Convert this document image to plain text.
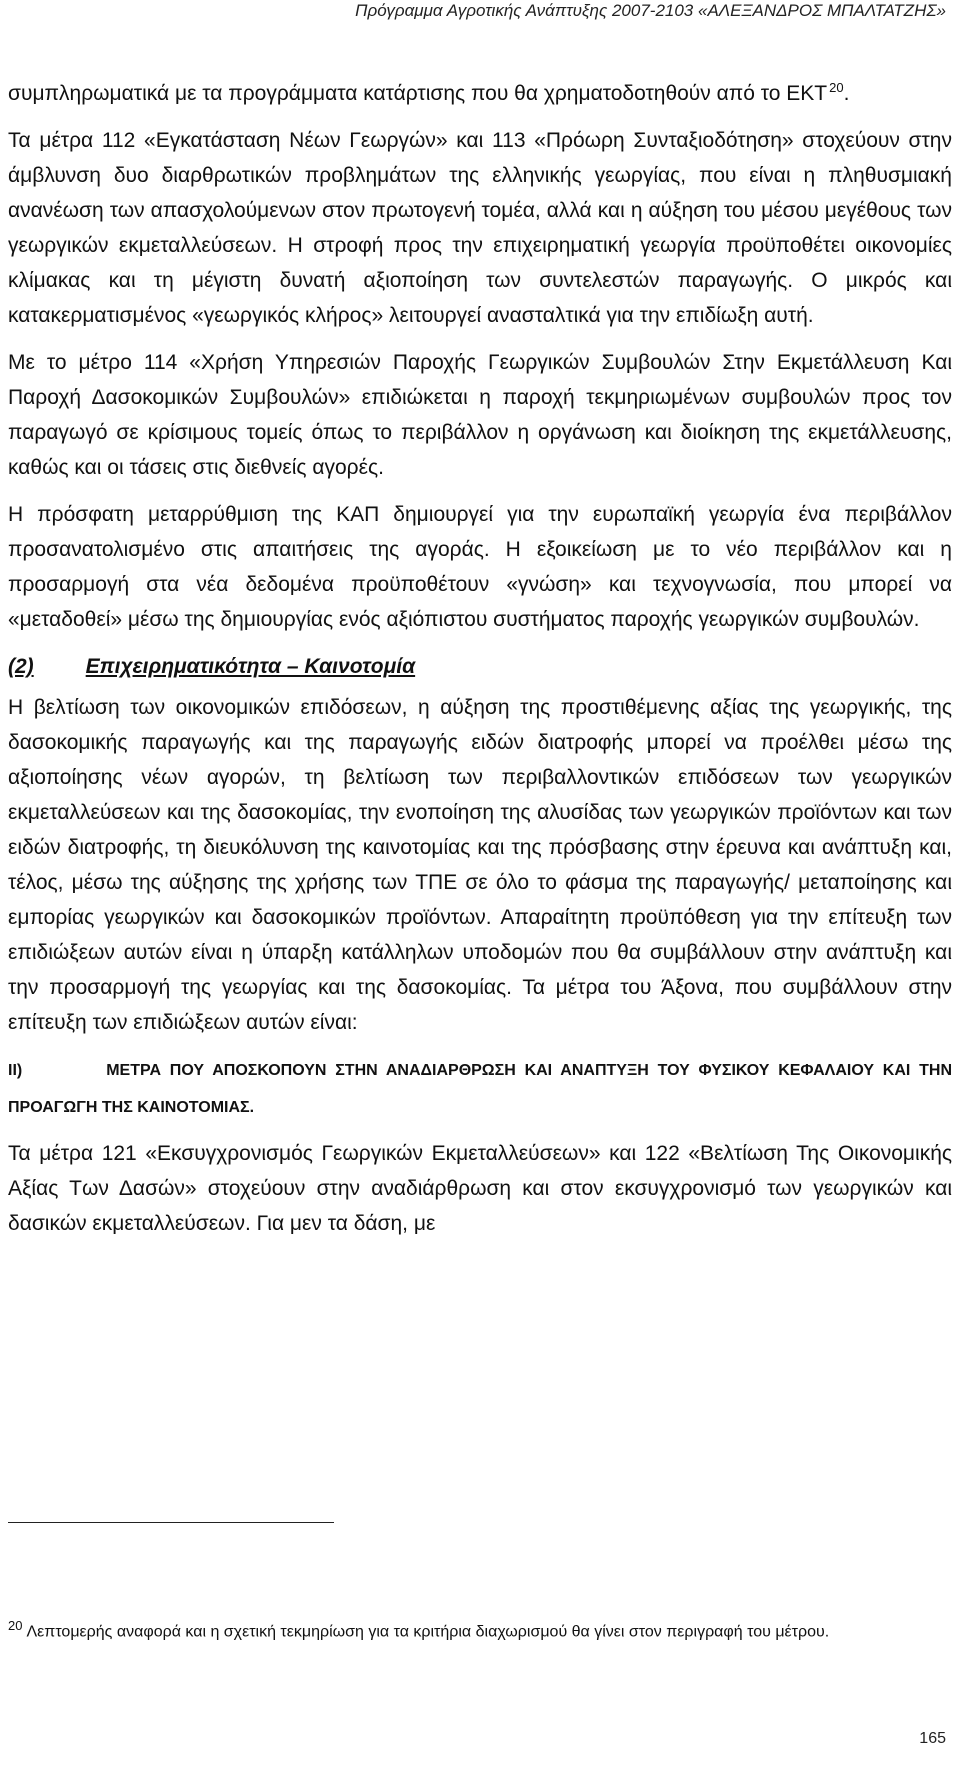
Πρόγραμμα Αγροτικής Ανάπτυξης 2007-2103 «ΑΛΕΞΑΝΔΡΟΣ ΜΠΑΛΤΑΤΖΗΣ»

συμπληρωματικά με τα προγράμματα κατάρτισης που θα χρηματοδοτηθούν από το ΕΚΤ $^{20}$.

Τα μέτρα 112 «Εγκατάσταση Νέων Γεωργών» και 113 «Πρόωρη Συνταξιοδότηση» στοχεύουν στην άμβλυνση δυο διαρθρωτικών προβλημάτων της ελληνικής γεωργίας, που είναι η πληθυσμιακή ανανέωση των απασχολούμενων στον πρωτογενή τομέα, αλλά και η αύξηση του μέσου μεγέθους των γεωργικών εκμεταλλεύσεων. Η στροφή προς την επιχειρηματική γεωργία προϋποθέτει οικονομίες κλίμακας και τη μέγιστη δυνατή αξιοποίηση των συντελεστών παραγωγής. Ο μικρός και κατακερματισμένος «γεωργικός κλήρος» λειτουργεί ανασταλτικά για την επιδίωξη αυτή.

Με το μέτρο 114 «Χρήση Υπηρεσιών Παροχής Γεωργικών Συμβουλών Στην Εκμετάλλευση Και Παροχή Δασοκομικών Συμβουλών» επιδιώκεται η παροχή τεκμηριωμένων συμβουλών προς τον παραγωγό σε κρίσιμους τομείς όπως το περιβάλλον η οργάνωση και διοίκηση της εκμετάλλευσης, καθώς και οι τάσεις στις διεθνείς αγορές.

Η πρόσφατη μεταρρύθμιση της ΚΑΠ δημιουργεί για την ευρωπαϊκή γεωργία ένα περιβάλλον προσανατολισμένο στις απαιτήσεις της αγοράς. Η εξοικείωση με το νέο περιβάλλον και η προσαρμογή στα νέα δεδομένα προϋποθέτουν «γνώση» και τεχνογνωσία, που μπορεί να «μεταδοθεί» μέσω της δημιουργίας ενός αξιόπιστου συστήματος παροχής γεωργικών συμβουλών.

(2) Επιχειρηματικότητα – Καινοτομία

Η βελτίωση των οικονομικών επιδόσεων, η αύξηση της προστιθέμενης αξίας της γεωργικής, της δασοκομικής παραγωγής και της παραγωγής ειδών διατροφής μπορεί να προέλθει μέσω της αξιοποίησης νέων αγορών, τη βελτίωση των περιβαλλοντικών επιδόσεων των γεωργικών εκμεταλλεύσεων και της δασοκομίας, την ενοποίηση της αλυσίδας των γεωργικών προϊόντων και των ειδών διατροφής, τη διευκόλυνση της καινοτομίας και της πρόσβασης στην έρευνα και ανάπτυξη και, τέλος, μέσω της αύξησης της χρήσης των ΤΠΕ σε όλο το φάσμα της παραγωγής/ μεταποίησης και εμπορίας γεωργικών και δασοκομικών προϊόντων. Απαραίτητη προϋπόθεση για την επίτευξη των επιδιώξεων αυτών είναι η ύπαρξη κατάλληλων υποδομών που θα συμβάλλουν στην ανάπτυξη και την προσαρμογή της γεωργίας και της δασοκομίας. Τα μέτρα του Άξονα, που συμβάλλουν στην επίτευξη των επιδιώξεων αυτών είναι:

II)	ΜΕΤΡΑ ΠΟΥ ΑΠΟΣΚΟΠΟΥΝ ΣΤΗΝ ΑΝΑΔΙΑΡΘΡΩΣΗ ΚΑΙ ΑΝΑΠΤΥΞΗ ΤΟΥ ΦΥΣΙΚΟΥ ΚΕΦΑΛΑΙΟΥ ΚΑΙ ΤΗΝ ΠΡΟΑΓΩΓΗ ΤΗΣ ΚΑΙΝΟΤΟΜΙΑΣ.

Τα μέτρα 121 «Εκσυγχρονισμός Γεωργικών Εκμεταλλεύσεων» και 122 «Βελτίωση Της Οικονομικής Αξίας Των Δασών» στοχεύουν στην αναδιάρθρωση και στον εκσυγχρονισμό των γεωργικών και δασικών εκμεταλλεύσεων. Για μεν τα δάση, με

$^{20}$ Λεπτομερής αναφορά και η σχετική τεκμηρίωση για τα κριτήρια διαχωρισμού θα γίνει στον περιγραφή του μέτρου.
165
